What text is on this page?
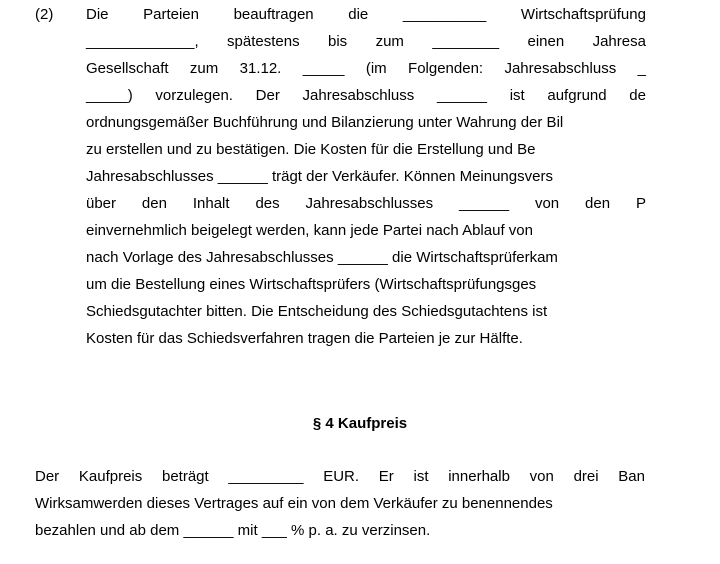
(2) Die Parteien beauftragen die __________ Wirtschaftsprüfung
_____________, spätestens bis zum ________ einen Jahresa
Gesellschaft zum 31.12. _____ (im Folgenden: Jahresabschluss _
_____) vorzulegen. Der Jahresabschluss ______ ist aufgrund de
ordnungsgemäßer Buchführung und Bilanzierung unter Wahrung der Bil
zu erstellen und zu bestätigen. Die Kosten für die Erstellung und Be
Jahresabschlusses ______ trägt der Verkäufer. Können Meinungsvers
über den Inhalt des Jahresabschlusses ______ von den P
einvernehmlich beigelegt werden, kann jede Partei nach Ablauf von
nach Vorlage des Jahresabschlusses ______ die Wirtschaftsprüferkam
um die Bestellung eines Wirtschaftsprüfers (Wirtschaftsprüfungsges
Schiedsgutachter bitten. Die Entscheidung des Schiedsgutachtens ist
Kosten für das Schiedsverfahren tragen die Parteien je zur Hälfte.
§ 4 Kaufpreis
Der Kaufpreis beträgt _________ EUR. Er ist innerhalb von drei Ban
Wirksamwerden dieses Vertrages auf ein von dem Verkäufer zu benennendes
bezahlen und ab dem ______ mit ___ % p. a. zu verzinsen.
